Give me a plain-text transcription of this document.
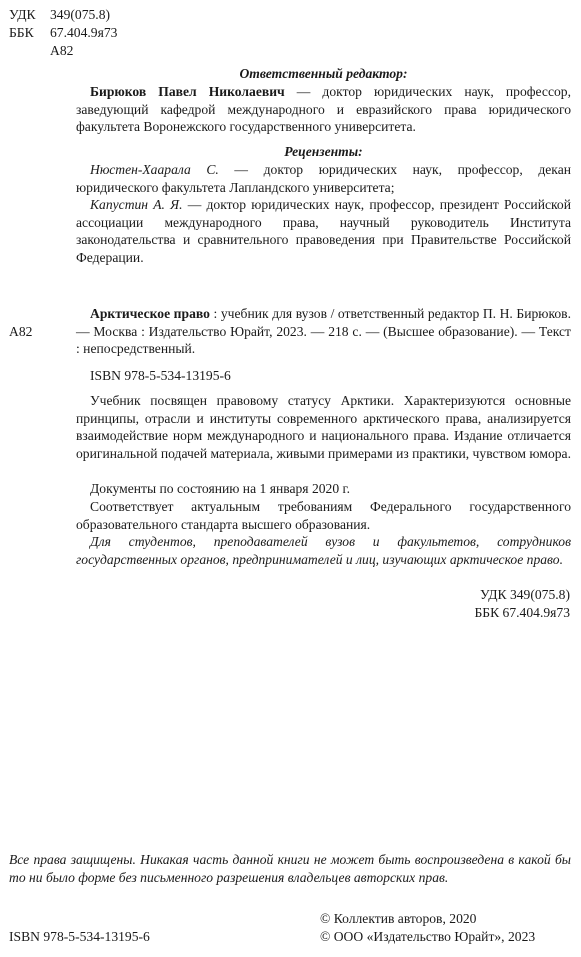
УДК 349(075.8)
ББК 67.404.9я73
А82
Ответственный редактор:

Бирюков Павел Николаевич — доктор юридических наук, профессор, заведующий кафедрой международного и евразийского права юридического факультета Воронежского государственного университета.

Рецензенты:

Нюстен-Хаарала С. — доктор юридических наук, профессор, декан юридического факультета Лапландского университета;

Капустин А. Я. — доктор юридических наук, профессор, президент Российской ассоциации международного права, научный руководитель Института законодательства и сравнительного правоведения при Правительстве Российской Федерации.

А82

Арктическое право : учебник для вузов / ответственный редактор П. Н. Бирюков. — Москва : Издательство Юрайт, 2023. — 218 с. — (Высшее образование). — Текст : непосредственный.

ISBN 978-5-534-13195-6

Учебник посвящен правовому статусу Арктики. Характеризуются основные принципы, отрасли и институты современного арктического права, анализируется взаимодействие норм международного и национального права. Издание отличается оригинальной подачей материала, живыми примерами из практики, чувством юмора.

Документы по состоянию на 1 января 2020 г.

Соответствует актуальным требованиям Федерального государственного образовательного стандарта высшего образования.

Для студентов, преподавателей вузов и факультетов, сотрудников государственных органов, предпринимателей и лиц, изучающих арктическое право.

УДК 349(075.8)
ББК 67.404.9я73

Все права защищены. Никакая часть данной книги не может быть воспроизведена в какой бы то ни было форме без письменного разрешения владельцев авторских прав.

© Коллектив авторов, 2020
ISBN 978-5-534-13195-6	© ООО «Издательство Юрайт», 2023
